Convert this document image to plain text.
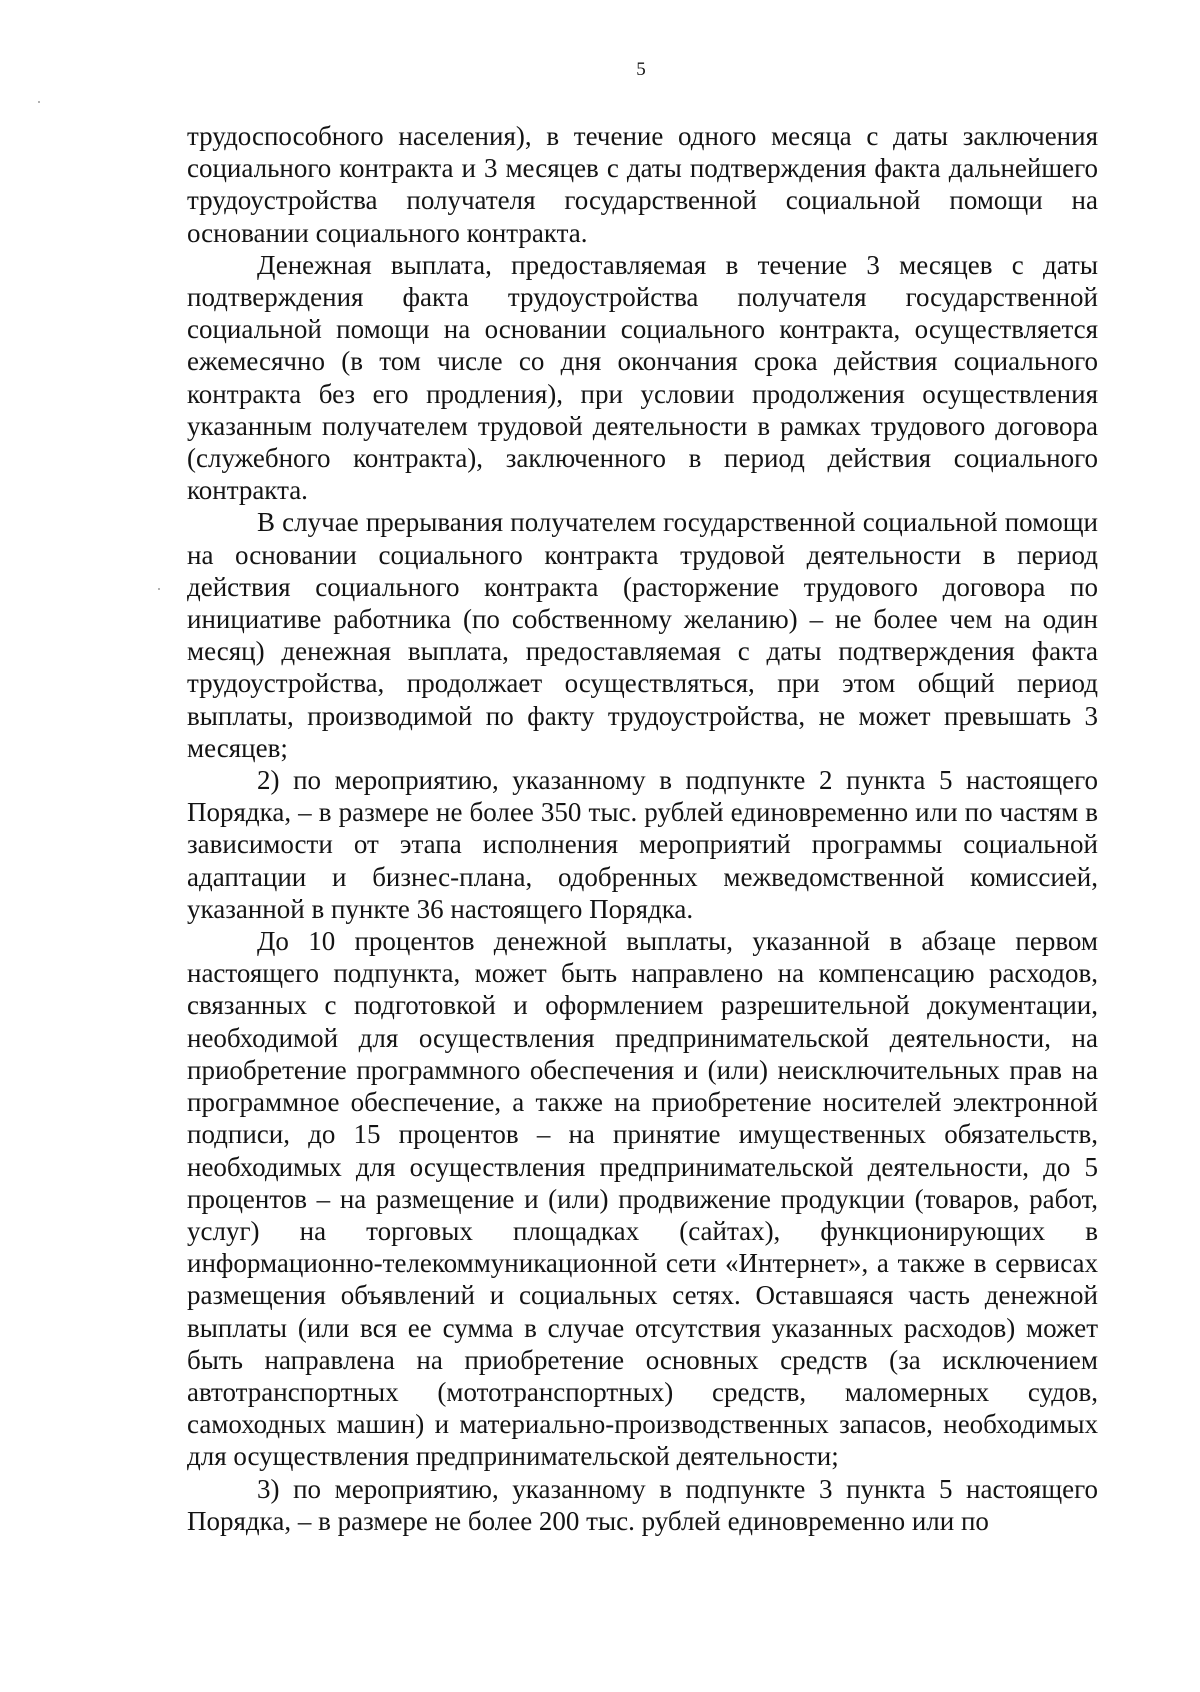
5

трудоспособного населения), в течение одного месяца с даты заключения социального контракта и 3 месяцев с даты подтверждения факта дальнейшего трудоустройства получателя государственной социальной помощи на основании социального контракта.

Денежная выплата, предоставляемая в течение 3 месяцев с даты подтверждения факта трудоустройства получателя государственной социальной помощи на основании социального контракта, осуществляется ежемесячно (в том числе со дня окончания срока действия социального контракта без его продления), при условии продолжения осуществления указанным получателем трудовой деятельности в рамках трудового договора (служебного контракта), заключенного в период действия социального контракта.

В случае прерывания получателем государственной социальной помощи на основании социального контракта трудовой деятельности в период действия социального контракта (расторжение трудового договора по инициативе работника (по собственному желанию) – не более чем на один месяц) денежная выплата, предоставляемая с даты подтверждения факта трудоустройства, продолжает осуществляться, при этом общий период выплаты, производимой по факту трудоустройства, не может превышать 3 месяцев;

2) по мероприятию, указанному в подпункте 2 пункта 5 настоящего Порядка, – в размере не более 350 тыс. рублей единовременно или по частям в зависимости от этапа исполнения мероприятий программы социальной адаптации и бизнес-плана, одобренных межведомственной комиссией, указанной в пункте 36 настоящего Порядка.

До 10 процентов денежной выплаты, указанной в абзаце первом настоящего подпункта, может быть направлено на компенсацию расходов, связанных с подготовкой и оформлением разрешительной документации, необходимой для осуществления предпринимательской деятельности, на приобретение программного обеспечения и (или) неисключительных прав на программное обеспечение, а также на приобретение носителей электронной подписи, до 15 процентов – на принятие имущественных обязательств, необходимых для осуществления предпринимательской деятельности, до 5 процентов – на размещение и (или) продвижение продукции (товаров, работ, услуг) на торговых площадках (сайтах), функционирующих в информационно-телекоммуникационной сети «Интернет», а также в сервисах размещения объявлений и социальных сетях. Оставшаяся часть денежной выплаты (или вся ее сумма в случае отсутствия указанных расходов) может быть направлена на приобретение основных средств (за исключением автотранспортных (мототранспортных) средств, маломерных судов, самоходных машин) и материально-производственных запасов, необходимых для осуществления предпринимательской деятельности;

3) по мероприятию, указанному в подпункте 3 пункта 5 настоящего Порядка, – в размере не более 200 тыс. рублей единовременно или по
